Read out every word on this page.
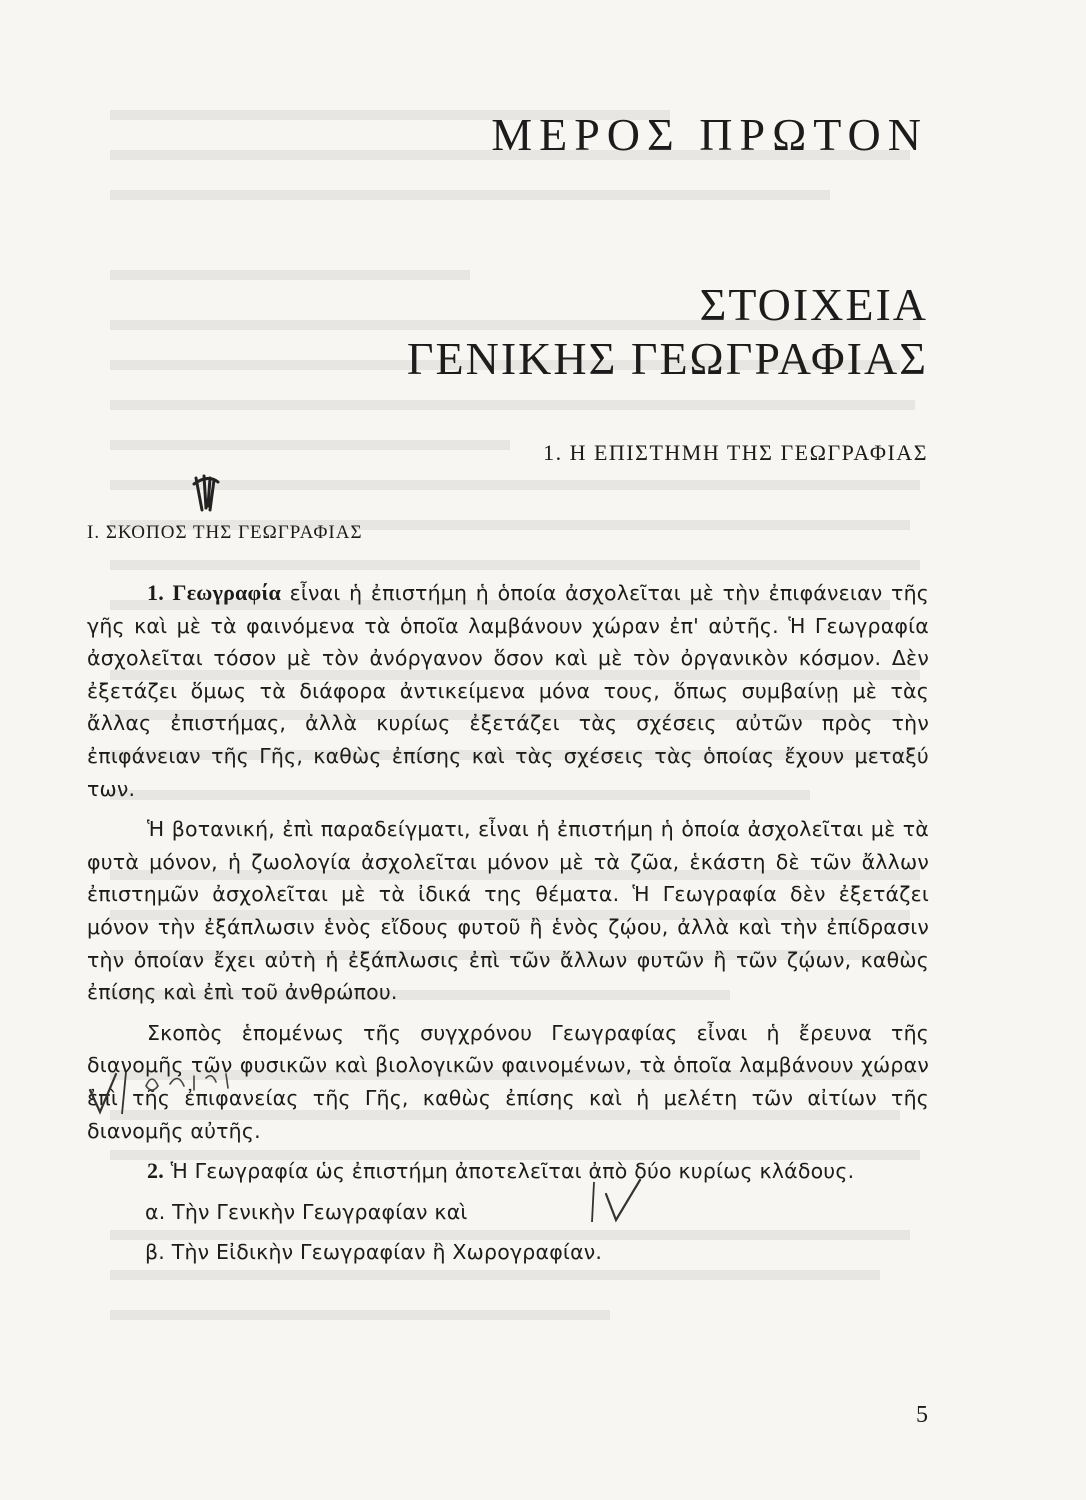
ΜΕΡΟΣ ΠΡΩΤΟΝ
ΣΤΟΙΧΕΙΑ
ΓΕΝΙΚΗΣ ΓΕΩΓΡΑΦΙΑΣ
1. Η ΕΠΙΣΤΗΜΗ ΤΗΣ ΓΕΩΓΡΑΦΙΑΣ
Ι. ΣΚΟΠΟΣ ΤΗΣ ΓΕΩΓΡΑΦΙΑΣ

1. Γεωγραφία εἶναι ἡ ἐπιστήμη ἡ ὁποία ἀσχολεῖται μὲ τὴν ἐπιφάνειαν τῆς γῆς καὶ μὲ τὰ φαινόμενα τὰ ὁποῖα λαμβάνουν χώραν ἐπ' αὐτῆς. Ἡ Γεωγραφία ἀσχολεῖται τόσον μὲ τὸν ἀνόργανον ὅσον καὶ μὲ τὸν ὀργανικὸν κόσμον. Δὲν ἐξετάζει ὅμως τὰ διάφορα ἀντικείμενα μόνα τους, ὅπως συμβαίνῃ μὲ τὰς ἄλλας ἐπιστήμας, ἀλλὰ κυρίως ἐξετάζει τὰς σχέσεις αὐτῶν πρὸς τὴν ἐπιφάνειαν τῆς Γῆς, καθὼς ἐπίσης καὶ τὰς σχέσεις τὰς ὁποίας ἔχουν μεταξύ των.

Ἡ βοτανική, ἐπὶ παραδείγματι, εἶναι ἡ ἐπιστήμη ἡ ὁποία ἀσχολεῖται μὲ τὰ φυτὰ μόνον, ἡ ζωολογία ἀσχολεῖται μόνον μὲ τὰ ζῶα, ἑκάστη δὲ τῶν ἄλλων ἐπιστημῶν ἀσχολεῖται μὲ τὰ ἰδικά της θέματα. Ἡ Γεωγραφία δὲν ἐξετάζει μόνον τὴν ἐξάπλωσιν ἑνὸς εἴδους φυτοῦ ἢ ἑνὸς ζῴου, ἀλλὰ καὶ τὴν ἐπίδρασιν τὴν ὁποίαν ἔχει αὐτὴ ἡ ἐξάπλωσις ἐπὶ τῶν ἄλλων φυτῶν ἢ τῶν ζῴων, καθὼς ἐπίσης καὶ ἐπὶ τοῦ ἀνθρώπου.

Σκοπὸς ἑπομένως τῆς συγχρόνου Γεωγραφίας εἶναι ἡ ἔρευνα τῆς διανομῆς τῶν φυσικῶν καὶ βιολογικῶν φαινομένων, τὰ ὁποῖα λαμβάνουν χώραν ἐπὶ τῆς ἐπιφανείας τῆς Γῆς, καθὼς ἐπίσης καὶ ἡ μελέτη τῶν αἰτίων τῆς διανομῆς αὐτῆς.

2. Ἡ Γεωγραφία ὡς ἐπιστήμη ἀποτελεῖται ἀπὸ δύο κυρίως κλάδους.

α. Τὴν Γενικὴν Γεωγραφίαν καὶ

β. Τὴν Εἰδικὴν Γεωγραφίαν ἢ Χωρογραφίαν.

5
